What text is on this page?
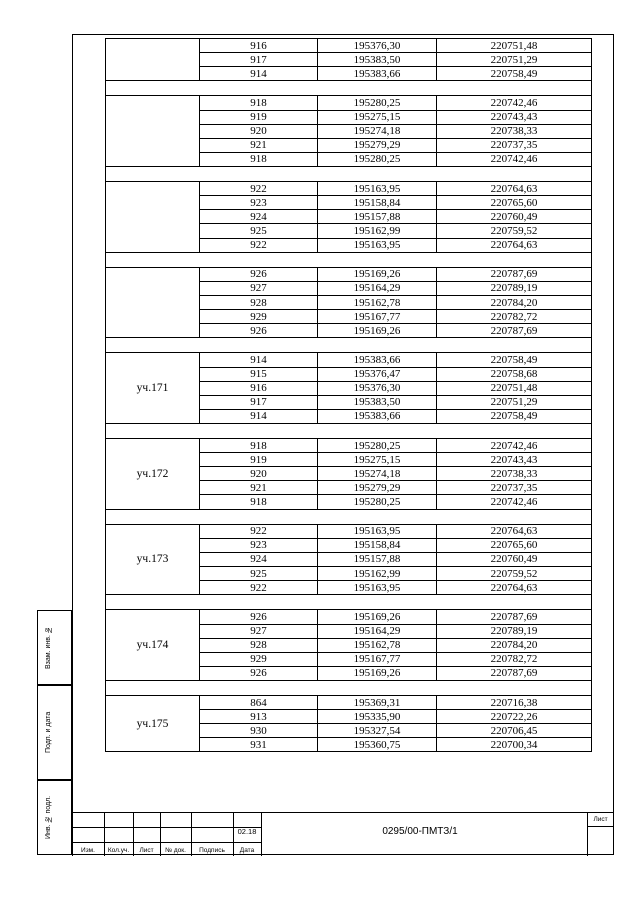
Взам. инв. №
Подп. и дата
Инв. № подл.
	916	195376,30	220751,48
	917	195383,50	220751,29
	914	195383,66	220758,49

	918	195280,25	220742,46
	919	195275,15	220743,43
	920	195274,18	220738,33
	921	195279,29	220737,35
	918	195280,25	220742,46

	922	195163,95	220764,63
	923	195158,84	220765,60
	924	195157,88	220760,49
	925	195162,99	220759,52
	922	195163,95	220764,63

	926	195169,26	220787,69
	927	195164,29	220789,19
	928	195162,78	220784,20
	929	195167,77	220782,72
	926	195169,26	220787,69

уч.171	914	195383,66	220758,49
	915	195376,47	220758,68
	916	195376,30	220751,48
	917	195383,50	220751,29
	914	195383,66	220758,49

уч.172	918	195280,25	220742,46
	919	195275,15	220743,43
	920	195274,18	220738,33
	921	195279,29	220737,35
	918	195280,25	220742,46

уч.173	922	195163,95	220764,63
	923	195158,84	220765,60
	924	195157,88	220760,49
	925	195162,99	220759,52
	922	195163,95	220764,63

уч.174	926	195169,26	220787,69
	927	195164,29	220789,19
	928	195162,78	220784,20
	929	195167,77	220782,72
	926	195169,26	220787,69

уч.175	864	195369,31	220716,38
	913	195335,90	220722,26
	930	195327,54	220706,45
	931	195360,75	220700,34
Изм.	Кол.уч.	Лист	№ док.	Подпись	Дата
02.18	0295/00-ПМТЗ/1
Лист
